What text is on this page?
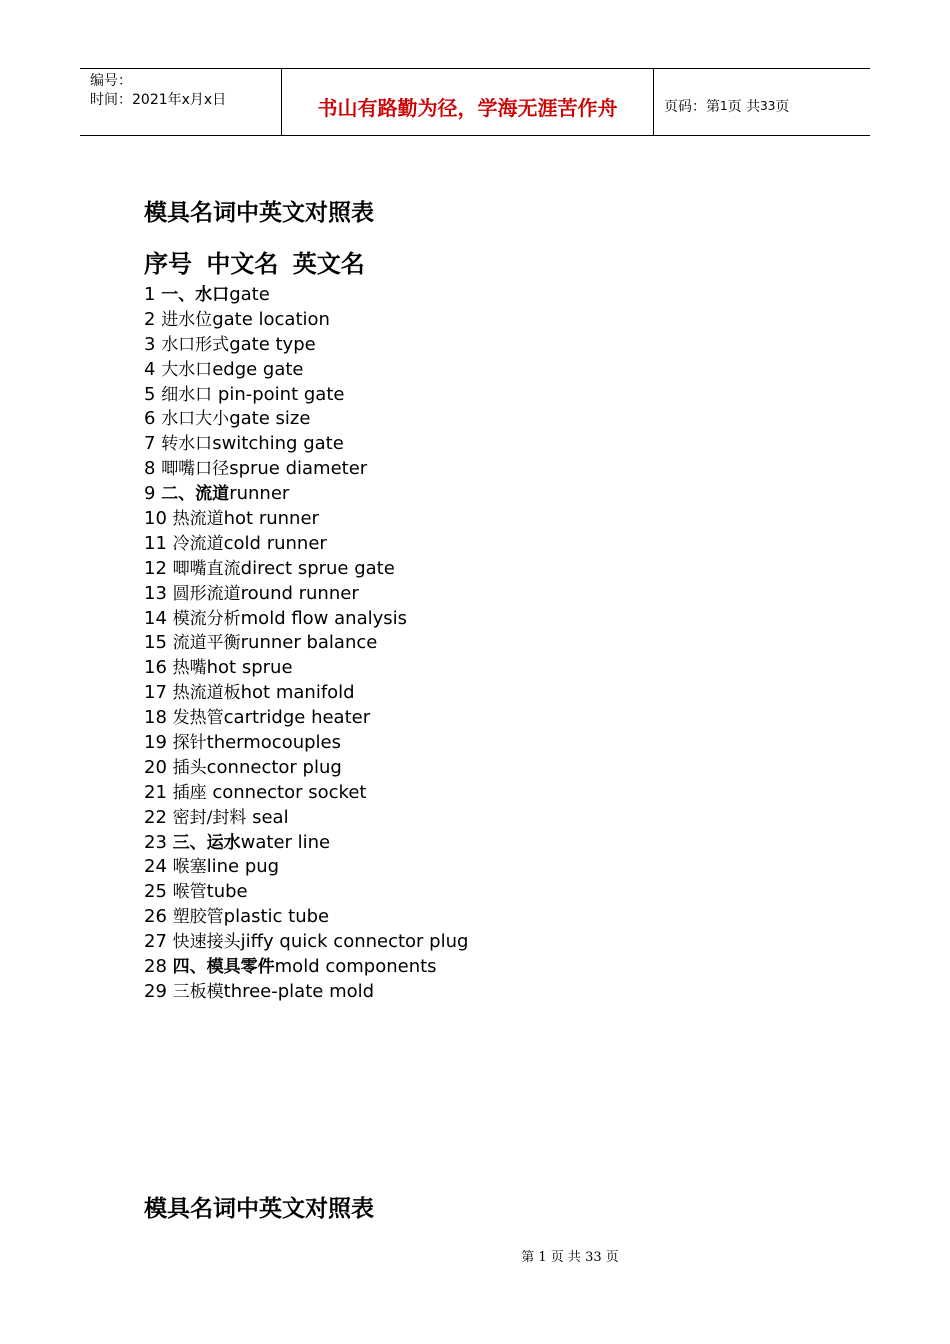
编号：
时间：2021年x月x日	书山有路勤为径，学海无涯苦作舟	页码：第 1 页 共 33 页
模具名词中英文对照表
序号 中文名 英文名
1 一、水口gate
2 进水位gate location
3 水口形式gate type
4 大水口edge gate
5 细水口 pin-point gate
6 水口大小gate size
7 转水口switching gate
8 唧嘴口径sprue diameter
9 二、流道runner
10 热流道hot runner
11 冷流道cold runner
12 唧嘴直流direct sprue gate
13 圆形流道round runner
14 模流分析mold flow analysis
15 流道平衡runner balance
16 热嘴hot sprue
17 热流道板hot manifold
18 发热管cartridge heater
19 探针thermocouples
20 插头connector plug
21 插座 connector socket
22 密封/封料 seal
23 三、运水water line
24 喉塞line pug
25 喉管tube
26 塑胶管plastic tube
27 快速接头jiffy quick connector plug
28 四、模具零件mold components
29 三板模three-plate mold
模具名词中英文对照表
第 1 页 共 33 页
